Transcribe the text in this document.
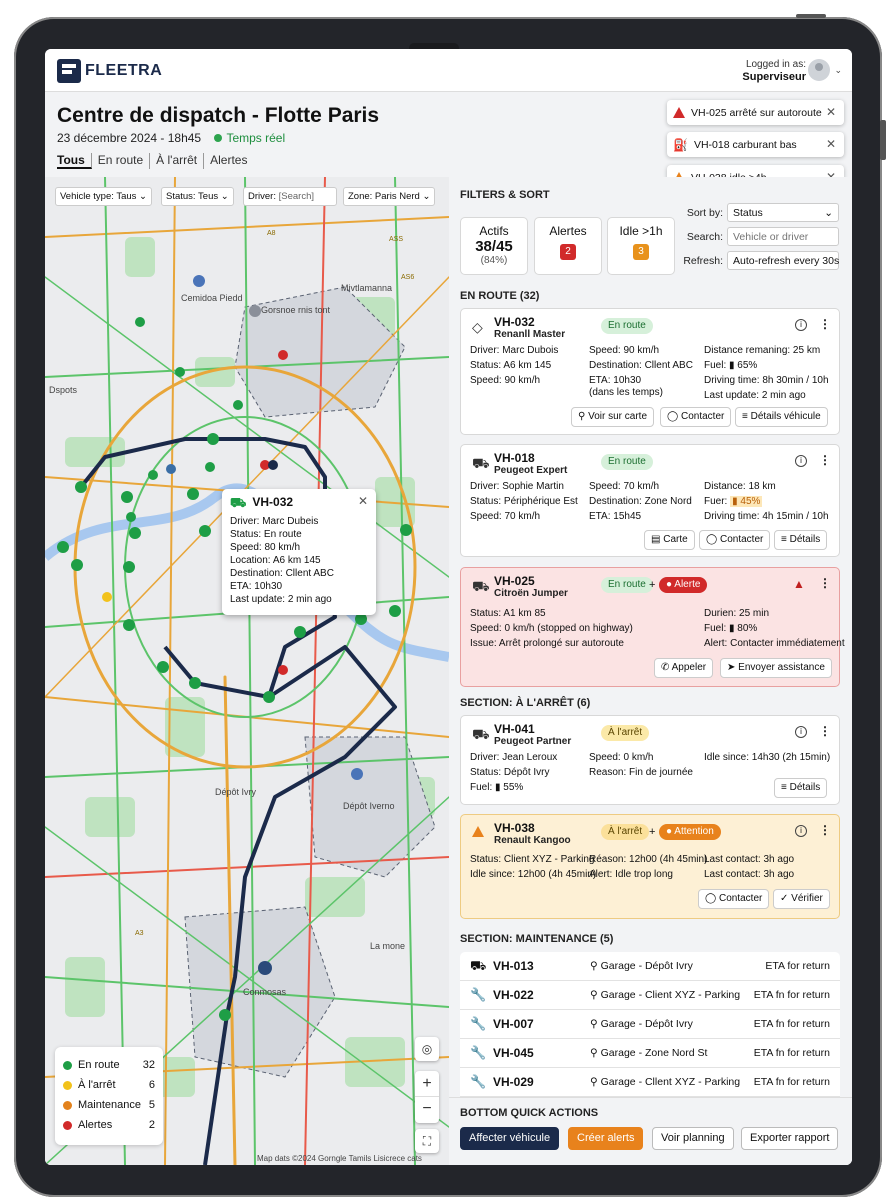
FLEETRA	Logged in as:
Superviseur
⌄
Centre de dispatch - Flotte Paris
23 décembre 2024 - 18h45 Temps réel
Tous	En route	À l'arrêt	Alertes
Mivtlamanna
Gorsnoe rnis tont
Cemidoa Piedd
Dspots
Dépôt Ivry
Dépôt Iverno
La mone
Conmosas
ASS
AS6
A8
A3
Vehicle type: Taus ⌄	Status: Teus ⌄	Driver: [Search]	Zone: Paris Nerd ⌄
⛟ VH-032	✕
Driver: Marc Dubeis
Status: En route
Speed: 80 km/h
Location: A6 km 145
Destination: Cllent ABC
ETA: 10h30
Last update: 2 min ago
En route 32
À l'arrêt	6
Maintenance 5
Alertes	2
◎
+
−
⛶
Map dats ©2024 Gorngle Tamils Lisicrece cats
VH-025 arrêté sur autoroute ✕
⛽ VH-018 carburant bas ✕
FILTERS & SORT
Actifs
38/45
(84%)
Alertes
2
Idle >1h
3
Sort by: Status	⌄
Search:
Vehicle or driver
Refresh: Auto-refresh every 30s
EN ROUTE (32)
◇ VH-032
Renanll Master
En route	i	⋮
Driver: Marc Dubois
Status: A6 km 145
Speed: 90 km/h
Speed: 90 km/h
Destination: Cllent ABC
ETA: 10h30
(dans les temps)
Distance remaning: 25 km
Fuel: ▮ 65%
Driving time: 8h 30min / 10h
Last update: 2 min ago
⚲ Voir sur carte	◯ Contacter	≡ Détails véhicule
⛟ VH-018
Peugeot Expert
En route	i	⋮
Driver: Sophie Martin
Status: Périphérique Est
Speed: 70 km/h
Speed: 70 km/h
Destination: Zone Nord
ETA: 15h45
Distance: 18 km
Fuer: ▮ 45%
Driving time: 4h 15min / 10h
▤ Carte	◯ Contacter	≡ Détails
⛟ VH-025
Citroën Jumper
En route +	● Alerte	▲ ⋮
Status: A1 km 85
Speed: 0 km/h (stopped on highway)
Issue: Arrêt prolongé sur autoroute
Durien: 25 min
Fuel: ▮ 80%
Alert: Contacter immédiatement
✆ Appeler	➤ Envoyer assistance
SECTION: À L'ARRÊT (6)
⛟ VH-041
Peugeot Partner
À l'arrêt	i	⋮
Driver: Jean Leroux
Status: Dépôt Ivry
Fuel: ▮ 55%
Speed: 0 km/h
Reason: Fin de journée
Idle since: 14h30 (2h 15min)
≡ Détails
VH-038
Renault Kangoo
À l'arrêt +	● Attention	i	⋮
Status: Client XYZ - Parking
Idle since: 12h00 (4h 45min)
Réason: 12h00 (4h 45min)
Alert: Idle trop long
Last contact: 3h ago
Last contact: 3h ago
◯ Contacter	✓ Vérifier
SECTION: MAINTENANCE (5)
⛟ VH-013	⚲ Garage - Dépôt Ivry	ETA for return
🔧 VH-022	⚲ Garage - Client XYZ - Parking ETA fn for return
🔧 VH-007	⚲ Garage - Dépôt Ivry	ETA fn for return
🔧 VH-045	⚲ Garage - Zone Nord St	ETA fn for return
🔧 VH-029	⚲ Garage - Cllent XYZ - Parking ETA fn for return
BOTTOM QUICK ACTIONS
Affecter véhicule	Créer alerts	Voir planning	Exporter rapport
